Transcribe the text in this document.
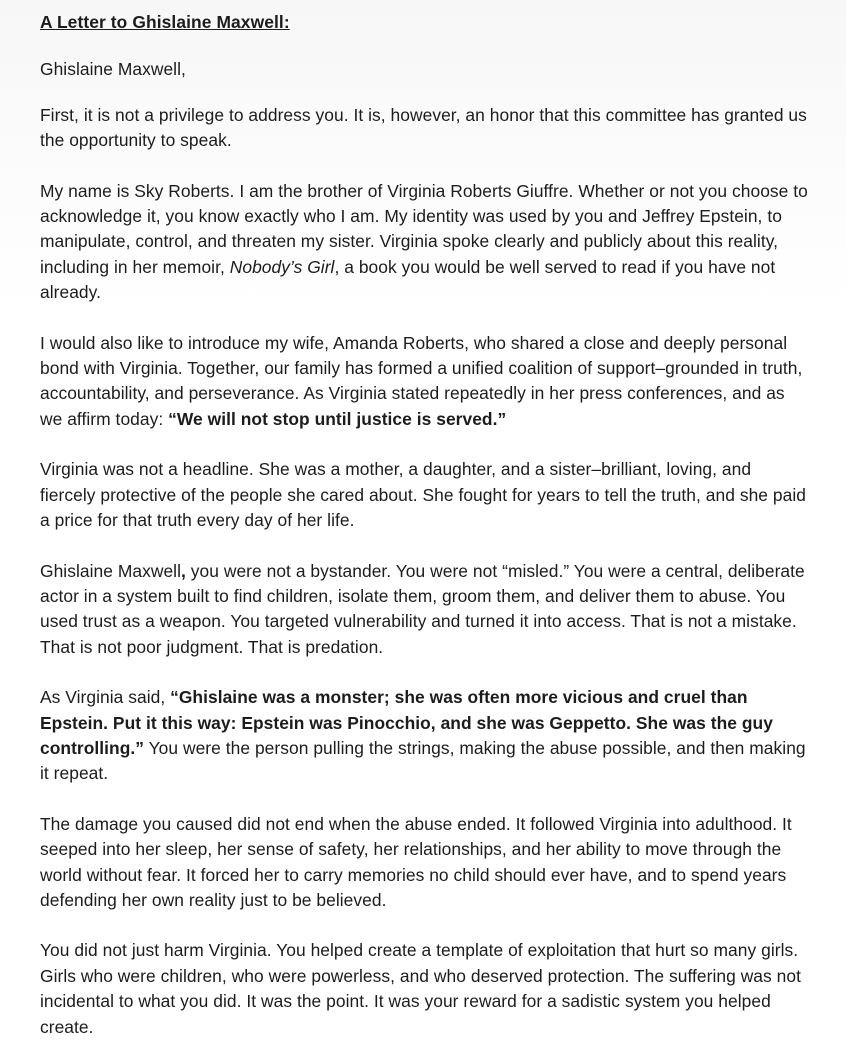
A Letter to Ghislaine Maxwell:

Ghislaine Maxwell,

First, it is not a privilege to address you. It is, however, an honor that this committee has granted us the opportunity to speak.

My name is Sky Roberts. I am the brother of Virginia Roberts Giuffre. Whether or not you choose to acknowledge it, you know exactly who I am. My identity was used by you and Jeffrey Epstein, to manipulate, control, and threaten my sister. Virginia spoke clearly and publicly about this reality, including in her memoir, Nobody’s Girl, a book you would be well served to read if you have not already.

I would also like to introduce my wife, Amanda Roberts, who shared a close and deeply personal bond with Virginia. Together, our family has formed a unified coalition of support–grounded in truth, accountability, and perseverance. As Virginia stated repeatedly in her press conferences, and as we affirm today: “We will not stop until justice is served.”

Virginia was not a headline. She was a mother, a daughter, and a sister–brilliant, loving, and fiercely protective of the people she cared about. She fought for years to tell the truth, and she paid a price for that truth every day of her life.

Ghislaine Maxwell, you were not a bystander. You were not “misled.” You were a central, deliberate actor in a system built to find children, isolate them, groom them, and deliver them to abuse. You used trust as a weapon. You targeted vulnerability and turned it into access. That is not a mistake. That is not poor judgment. That is predation.

As Virginia said, “Ghislaine was a monster; she was often more vicious and cruel than Epstein. Put it this way: Epstein was Pinocchio, and she was Geppetto. She was the guy controlling.” You were the person pulling the strings, making the abuse possible, and then making it repeat.

The damage you caused did not end when the abuse ended. It followed Virginia into adulthood. It seeped into her sleep, her sense of safety, her relationships, and her ability to move through the world without fear. It forced her to carry memories no child should ever have, and to spend years defending her own reality just to be believed.

You did not just harm Virginia. You helped create a template of exploitation that hurt so many girls. Girls who were children, who were powerless, and who deserved protection. The suffering was not incidental to what you did. It was the point. It was your reward for a sadistic system you helped create.
